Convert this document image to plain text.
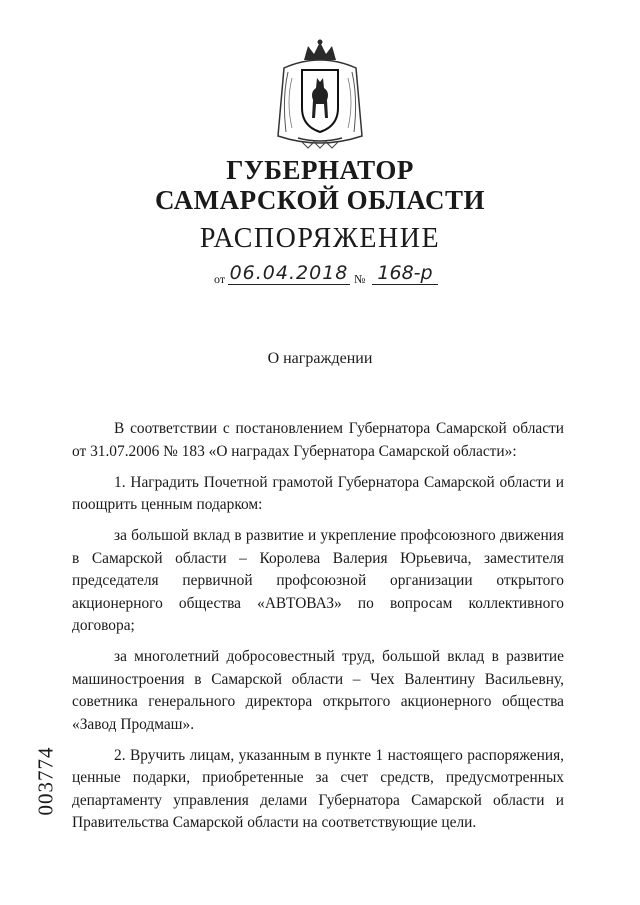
ГУБЕРНАТОР
САМАРСКОЙ ОБЛАСТИ
РАСПОРЯЖЕНИЕ
от 06.04.2018 № 168-р
О награждении

В соответствии с постановлением Губернатора Самарской области от 31.07.2006 № 183 «О наградах Губернатора Самарской области»:

1. Наградить Почетной грамотой Губернатора Самарской области и поощрить ценным подарком:

за большой вклад в развитие и укрепление профсоюзного движения в Самарской области – Королева Валерия Юрьевича, заместителя председателя первичной профсоюзной организации открытого акционерного общества «АВТОВАЗ» по вопросам коллективного договора;

за многолетний добросовестный труд, большой вклад в развитие машиностроения в Самарской области – Чех Валентину Васильевну, советника генерального директора открытого акционерного общества «Завод Продмаш».

2. Вручить лицам, указанным в пункте 1 настоящего распоряжения, ценные подарки, приобретенные за счет средств, предусмотренных департаменту управления делами Губернатора Самарской области и Правительства Самарской области на соответствующие цели.

003774
